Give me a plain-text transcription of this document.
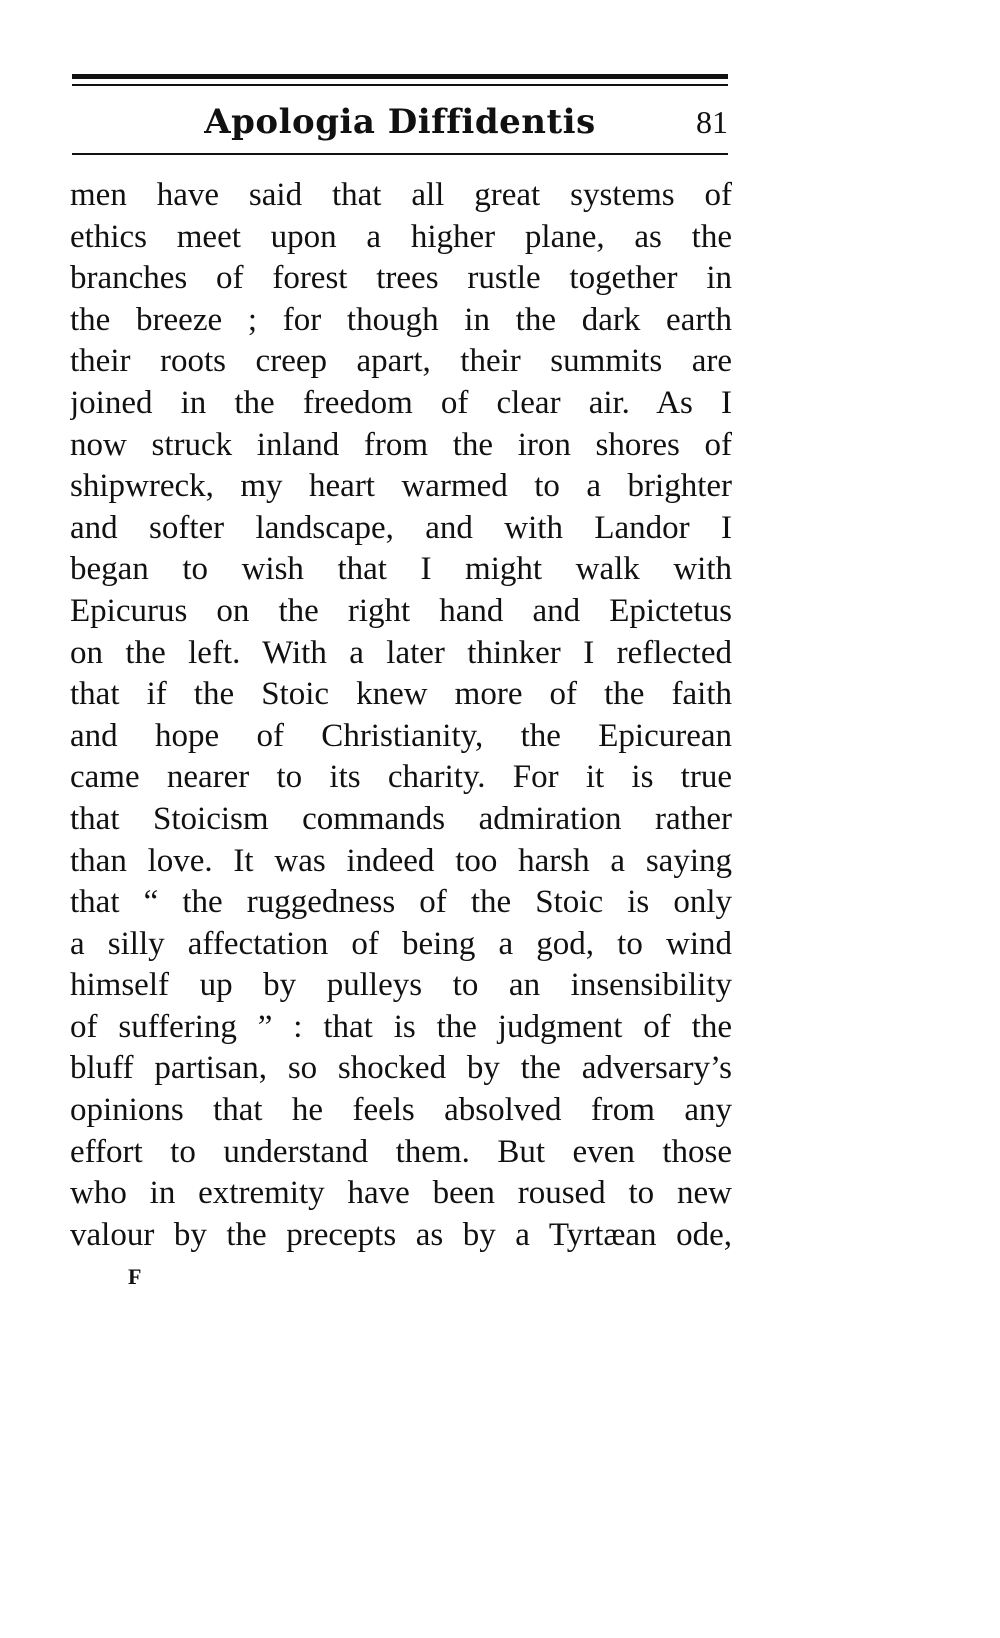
Apologia Diffidentis	81
men have said that all great systems of
ethics meet upon a higher plane, as the
branches of forest trees rustle together in
the breeze ; for though in the dark earth
their roots creep apart, their summits are
joined in the freedom of clear air. As I
now struck inland from the iron shores of
shipwreck, my heart warmed to a brighter
and softer landscape, and with Landor I
began to wish that I might walk with
Epicurus on the right hand and Epictetus
on the left. With a later thinker I reflected
that if the Stoic knew more of the faith
and hope of Christianity, the Epicurean
came nearer to its charity. For it is true
that Stoicism commands admiration rather
than love. It was indeed too harsh a saying
that “ the ruggedness of the Stoic is only
a silly affectation of being a god, to wind
himself up by pulleys to an insensibility
of suffering ” : that is the judgment of the
bluff partisan, so shocked by the adversary’s
opinions that he feels absolved from any
effort to understand them. But even those
who in extremity have been roused to new
valour by the precepts as by a Tyrtæan ode,
F
